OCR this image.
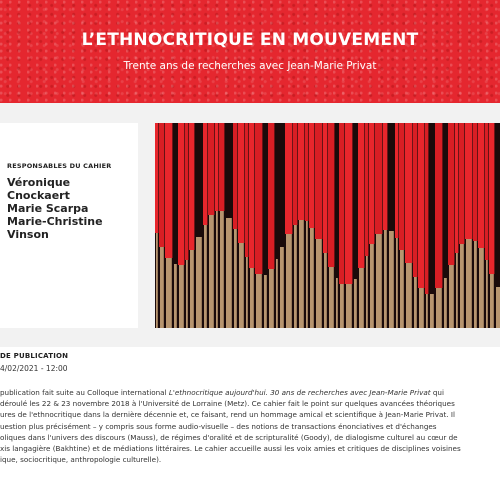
L’ETHNOCRITIQUE EN MOUVEMENT
Trente ans de recherches avec Jean-Marie Privat
RESPONSABLES DU CAHIER
Véronique
Cnockaert
Marie Scarpa
Marie-Christine
Vinson
DE PUBLICATION
4/02/2021 - 12:00
publication fait suite au Colloque international L'ethnocritique aujourd'hui. 30 ans de recherches avec Jean-Marie Privat qui
déroulé les 22 & 23 novembre 2018 à l'Université de Lorraine (Metz). Ce cahier fait le point sur quelques avancées théoriques
ures de l'ethnocritique dans la dernière décennie et, ce faisant, rend un hommage amical et scientifique à Jean-Marie Privat. Il
uestion plus précisément – y compris sous forme audio-visuelle – des notions de transactions énonciatives et d'échanges
oliques dans l'univers des discours (Mauss), de régimes d'oralité et de scripturalité (Goody), de dialogisme culturel au cœur de
xis langagière (Bakhtine) et de médiations littéraires. Le cahier accueille aussi les voix amies et critiques de disciplines voisines
ique, sociocritique, anthropologie culturelle).
